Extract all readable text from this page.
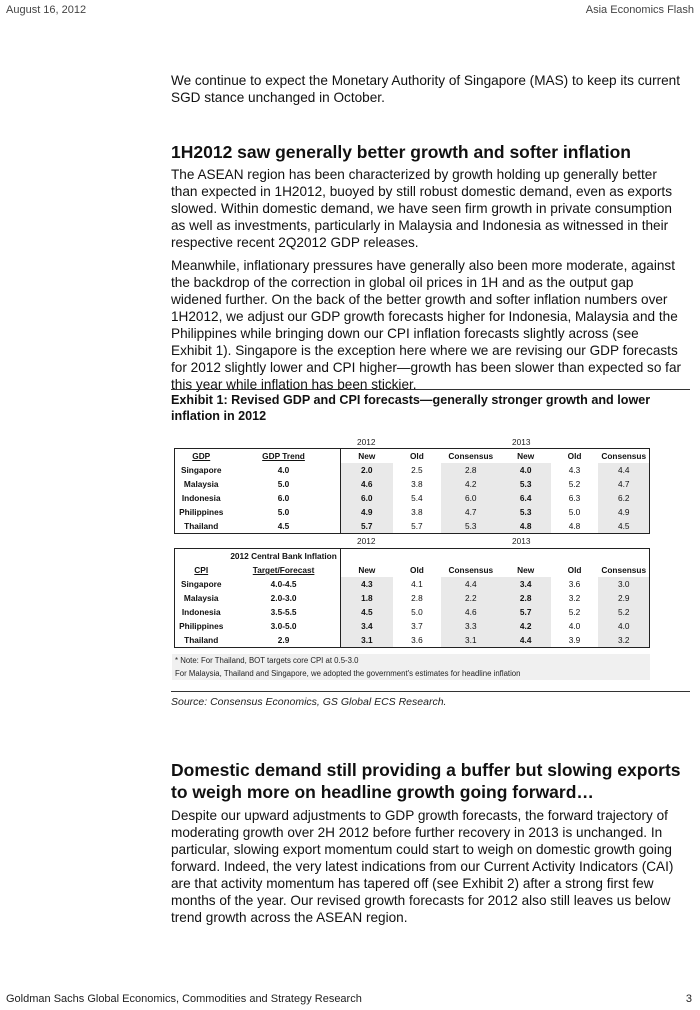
August 16, 2012	Asia Economics Flash

We continue to expect the Monetary Authority of Singapore (MAS) to keep its current SGD stance unchanged in October.

1H2012 saw generally better growth and softer inflation

The ASEAN region has been characterized by growth holding up generally better than expected in 1H2012, buoyed by still robust domestic demand, even as exports slowed. Within domestic demand, we have seen firm growth in private consumption as well as investments, particularly in Malaysia and Indonesia as witnessed in their respective recent 2Q2012 GDP releases.

Meanwhile, inflationary pressures have generally also been more moderate, against the backdrop of the correction in global oil prices in 1H and as the output gap widened further. On the back of the better growth and softer inflation numbers over 1H2012, we adjust our GDP growth forecasts higher for Indonesia, Malaysia and the Philippines while bringing down our CPI inflation forecasts slightly across (see Exhibit 1). Singapore is the exception here where we are revising our GDP forecasts for 2012 slightly lower and CPI higher—growth has been slower than expected so far this year while inflation has been stickier.

Exhibit 1: Revised GDP and CPI forecasts—generally stronger growth and lower inflation in 2012
2012	2013
GDP	GDP Trend	New	Old	Consensus	New	Old	Consensus
Singapore	4.0	2.0	2.5	2.8	4.0	4.3	4.4
Malaysia	5.0	4.6	3.8	4.2	5.3	5.2	4.7
Indonesia	6.0	6.0	5.4	6.0	6.4	6.3	6.2
Philippines	5.0	4.9	3.8	4.7	5.3	5.0	4.9
Thailand	4.5	5.7	5.7	5.3	4.8	4.8	4.5
2012	2013
	2012 Central Bank Inflation						
CPI	Target/Forecast	New	Old	Consensus	New	Old	Consensus
Singapore	4.0-4.5	4.3	4.1	4.4	3.4	3.6	3.0
Malaysia	2.0-3.0	1.8	2.8	2.2	2.8	3.2	2.9
Indonesia	3.5-5.5	4.5	5.0	4.6	5.7	5.2	5.2
Philippines	3.0-5.0	3.4	3.7	3.3	4.2	4.0	4.0
Thailand	2.9	3.1	3.6	3.1	4.4	3.9	3.2
* Note: For Thailand, BOT targets core CPI at 0.5-3.0
For Malaysia, Thailand and Singapore, we adopted the government's estimates for headline inflation
Source: Consensus Economics, GS Global ECS Research.
Domestic demand still providing a buffer but slowing exports to weigh more on headline growth going forward…

Despite our upward adjustments to GDP growth forecasts, the forward trajectory of moderating growth over 2H 2012 before further recovery in 2013 is unchanged. In particular, slowing export momentum could start to weigh on domestic growth going forward. Indeed, the very latest indications from our Current Activity Indicators (CAI) are that activity momentum has tapered off (see Exhibit 2) after a strong first few months of the year. Our revised growth forecasts for 2012 also still leaves us below trend growth across the ASEAN region.

Goldman Sachs Global Economics, Commodities and Strategy Research	3
